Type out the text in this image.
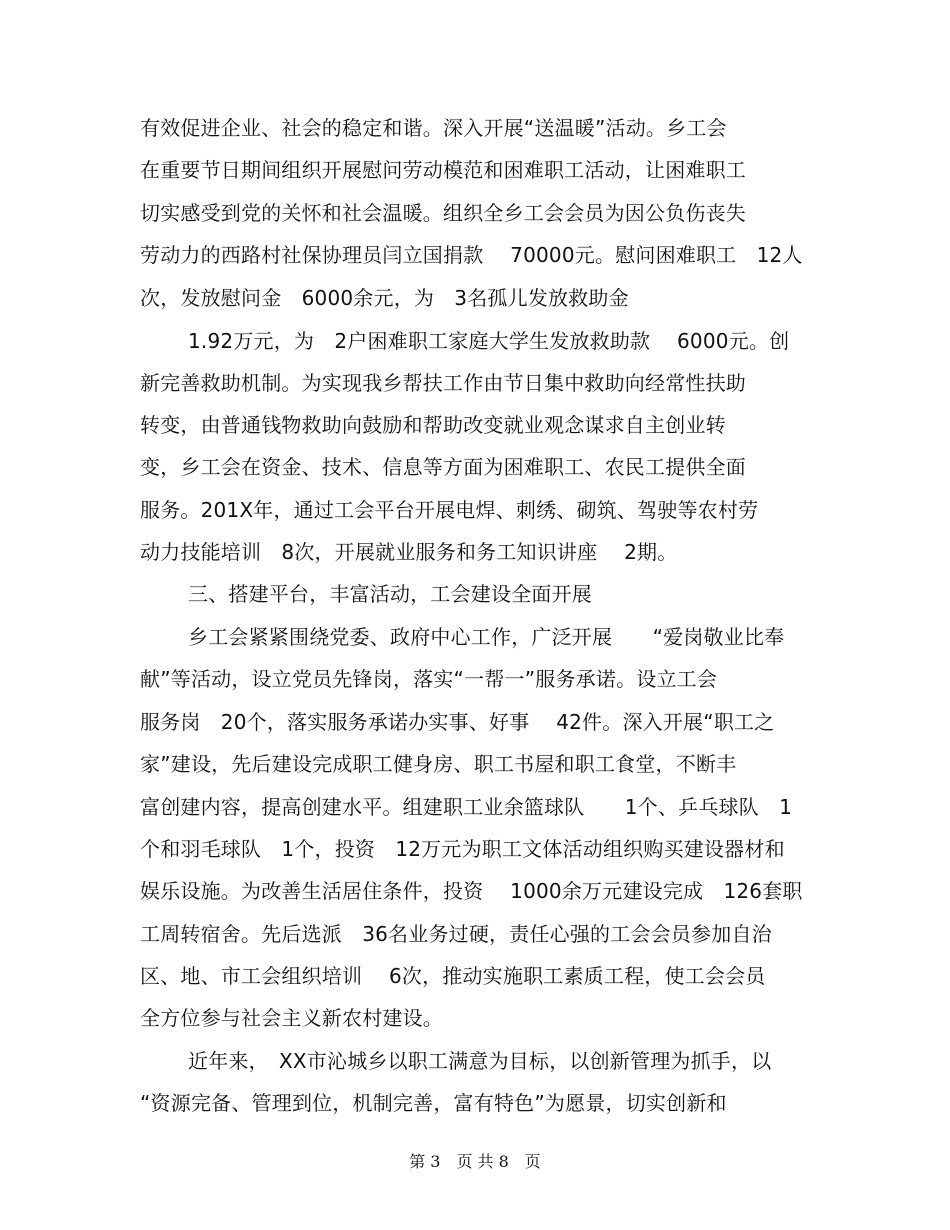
有效促进企业、社会的稳定和谐。深入开展“送温暖”活动。乡工会
在重要节日期间组织开展慰问劳动模范和困难职工活动，让困难职工
切实感受到党的关怀和社会温暖。组织全乡工会会员为因公负伤丧失
劳动力的西路村社保协理员闫立国捐款　 70000元。慰问困难职工　12人
次，发放慰问金　6000余元，为　3名孤儿发放救助金
1.92万元，为　2户困难职工家庭大学生发放救助款　 6000元。创
新完善救助机制。为实现我乡帮扶工作由节日集中救助向经常性扶助
转变，由普通钱物救助向鼓励和帮助改变就业观念谋求自主创业转
变，乡工会在资金、技术、信息等方面为困难职工、农民工提供全面
服务。201X年，通过工会平台开展电焊、刺绣、砌筑、驾驶等农村劳
动力技能培训　8次，开展就业服务和务工知识讲座　 2期。
三、搭建平台，丰富活动，工会建设全面开展
乡工会紧紧围绕党委、政府中心工作，广泛开展　　“爱岗敬业比奉
献”等活动，设立党员先锋岗，落实“一帮一”服务承诺。设立工会
服务岗　20个，落实服务承诺办实事、好事　 42件。深入开展“职工之
家”建设，先后建设完成职工健身房、职工书屋和职工食堂，不断丰
富创建内容，提高创建水平。组建职工业余篮球队　　1个、乒乓球队　1
个和羽毛球队　1个，投资　12万元为职工文体活动组织购买建设器材和
娱乐设施。为改善生活居住条件，投资　 1000余万元建设完成　126套职
工周转宿舍。先后选派　36名业务过硬，责任心强的工会会员参加自治
区、地、市工会组织培训　 6次，推动实施职工素质工程，使工会会员
全方位参与社会主义新农村建设。
近年来，　XX市沁城乡以职工满意为目标，以创新管理为抓手，以
“资源完备、管理到位，机制完善，富有特色”为愿景，切实创新和
第 3　页 共 8　页
